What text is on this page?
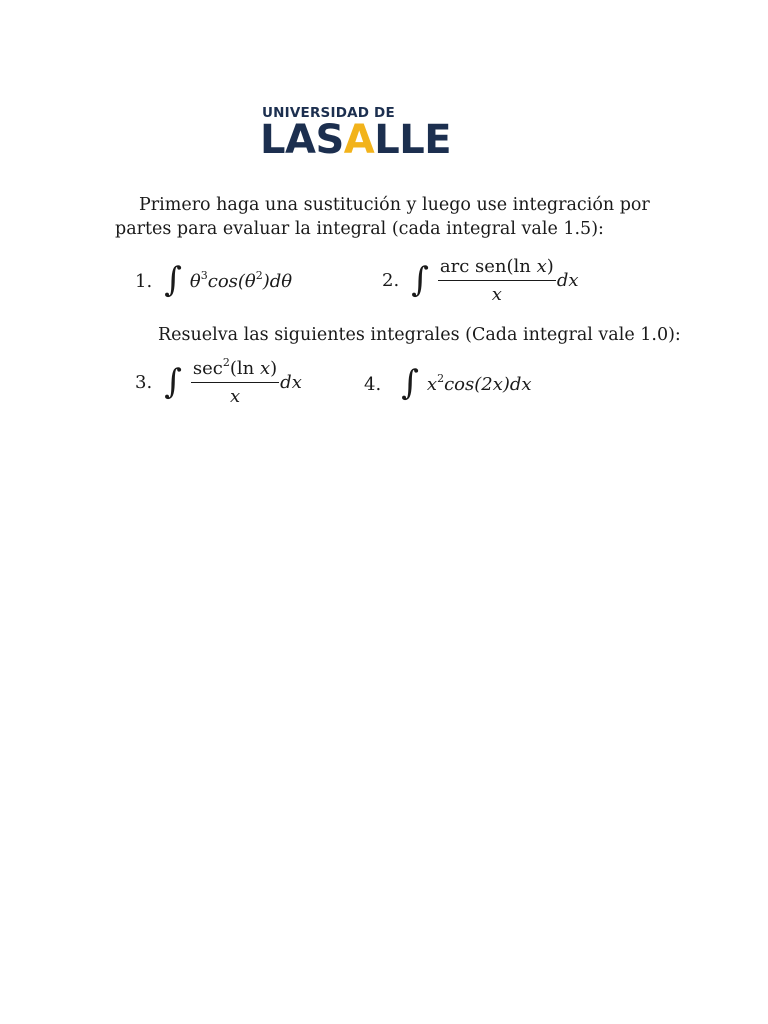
UNIVERSIDAD DE
LASALLE
Primero haga una sustitución y luego use integración por partes para evaluar la integral (cada integral vale 1.5):
1. ∫ $\theta^3\cos(\theta^2)d\theta$	2. ∫ $\frac{\text{arc sen(ln x)}}{x}$ dx
Resuelva las siguientes integrales (Cada integral vale 1.0):
3. ∫ $\frac{\sec^2(\ln x)}{x}$ dx	4. ∫ $x^2\cos(2x)dx$
